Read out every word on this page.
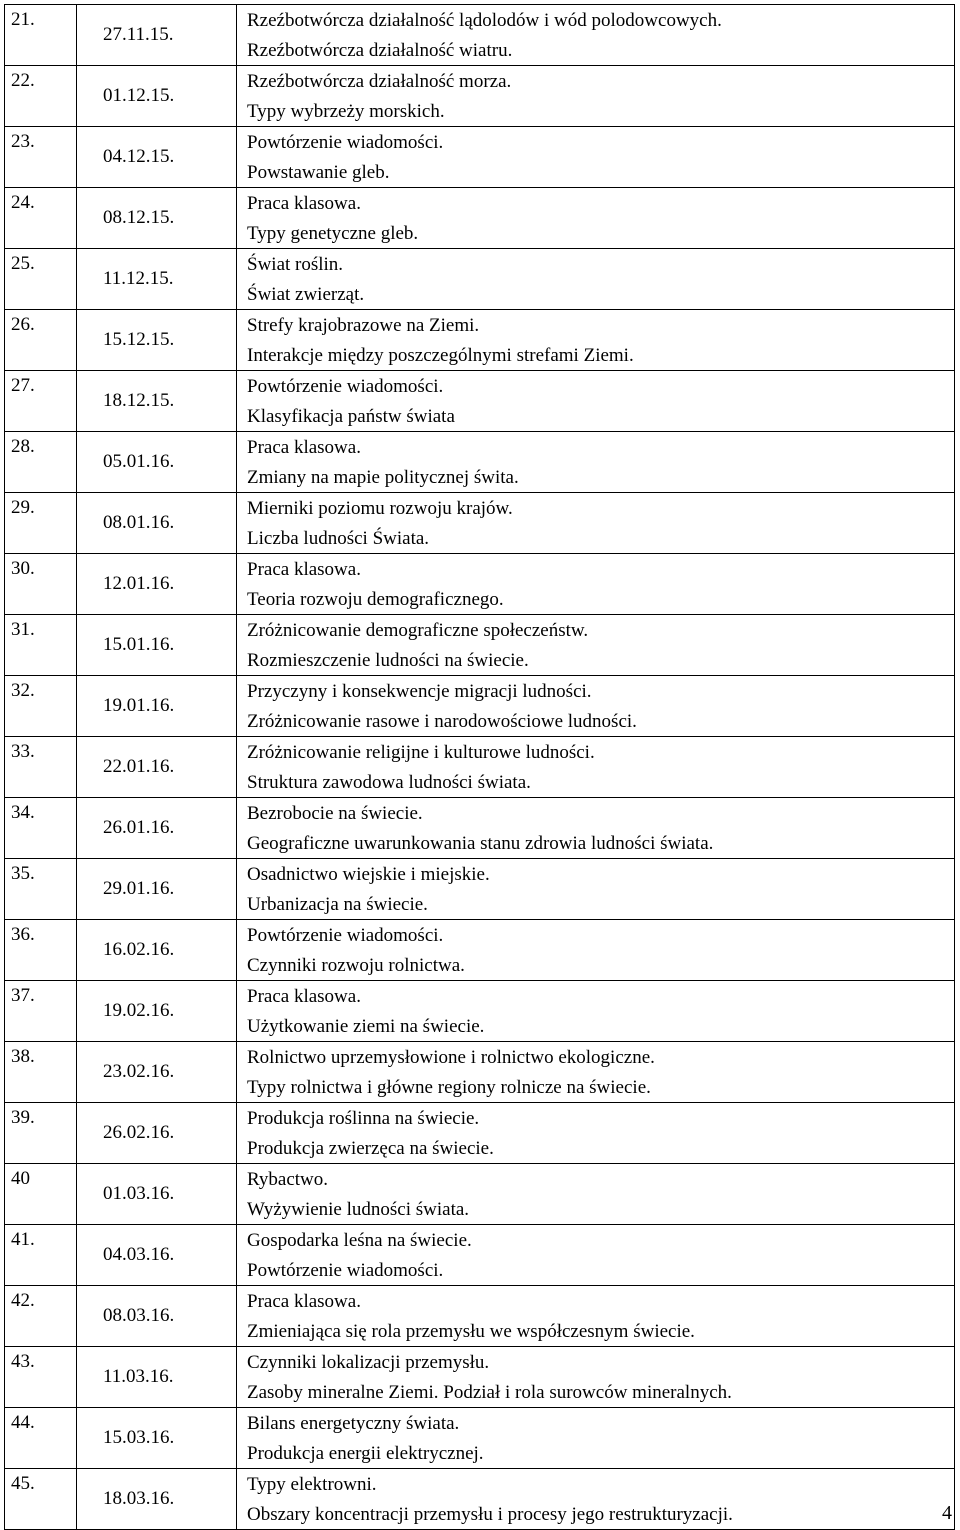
21.	27.11.15.	Rzeźbotwórcza działalność lądolodów i wód polodowcowych.
Rzeźbotwórcza działalność wiatru.

22.	01.12.15.	Rzeźbotwórcza działalność morza.
Typy wybrzeży morskich.

23.	04.12.15.	Powtórzenie wiadomości.
Powstawanie gleb.

24.	08.12.15.	Praca klasowa.
Typy genetyczne gleb.

25.	11.12.15.	Świat roślin.
Świat zwierząt.

26.	15.12.15.	Strefy krajobrazowe na Ziemi.
Interakcje między poszczególnymi strefami Ziemi.

27.	18.12.15.	Powtórzenie wiadomości.
Klasyfikacja państw świata

28.	05.01.16.	Praca klasowa.
Zmiany na mapie politycznej świta.

29.	08.01.16.	Mierniki poziomu rozwoju krajów.
Liczba ludności Świata.

30.	12.01.16.	Praca klasowa.
Teoria rozwoju demograficznego.

31.	15.01.16.	Zróżnicowanie demograficzne społeczeństw.
Rozmieszczenie ludności na świecie.

32.	19.01.16.	Przyczyny i konsekwencje migracji ludności.
Zróżnicowanie rasowe i narodowościowe ludności.

33.	22.01.16.	Zróżnicowanie religijne i kulturowe ludności.
Struktura zawodowa ludności świata.

34.	26.01.16.	Bezrobocie na świecie.
Geograficzne uwarunkowania stanu zdrowia ludności świata.

35.	29.01.16.	Osadnictwo wiejskie i miejskie.
Urbanizacja na świecie.

36.	16.02.16.	Powtórzenie wiadomości.
Czynniki rozwoju rolnictwa.

37.	19.02.16.	Praca klasowa.
Użytkowanie ziemi na świecie.

38.	23.02.16.	Rolnictwo uprzemysłowione i rolnictwo ekologiczne.
Typy rolnictwa i główne regiony rolnicze na świecie.

39.	26.02.16.	Produkcja roślinna na świecie.
Produkcja zwierzęca na świecie.

40	01.03.16.	Rybactwo.
Wyżywienie ludności świata.

41.	04.03.16.	Gospodarka leśna na świecie.
Powtórzenie wiadomości.

42.	08.03.16.	Praca klasowa.
Zmieniająca się rola przemysłu we współczesnym świecie.

43.	11.03.16.	Czynniki lokalizacji przemysłu.
Zasoby mineralne Ziemi. Podział i rola surowców mineralnych.

44.	15.03.16.	Bilans energetyczny świata.
Produkcja energii elektrycznej.

45.	18.03.16.	Typy elektrowni.
Obszary koncentracji przemysłu i procesy jego restrukturyzacji.	4
